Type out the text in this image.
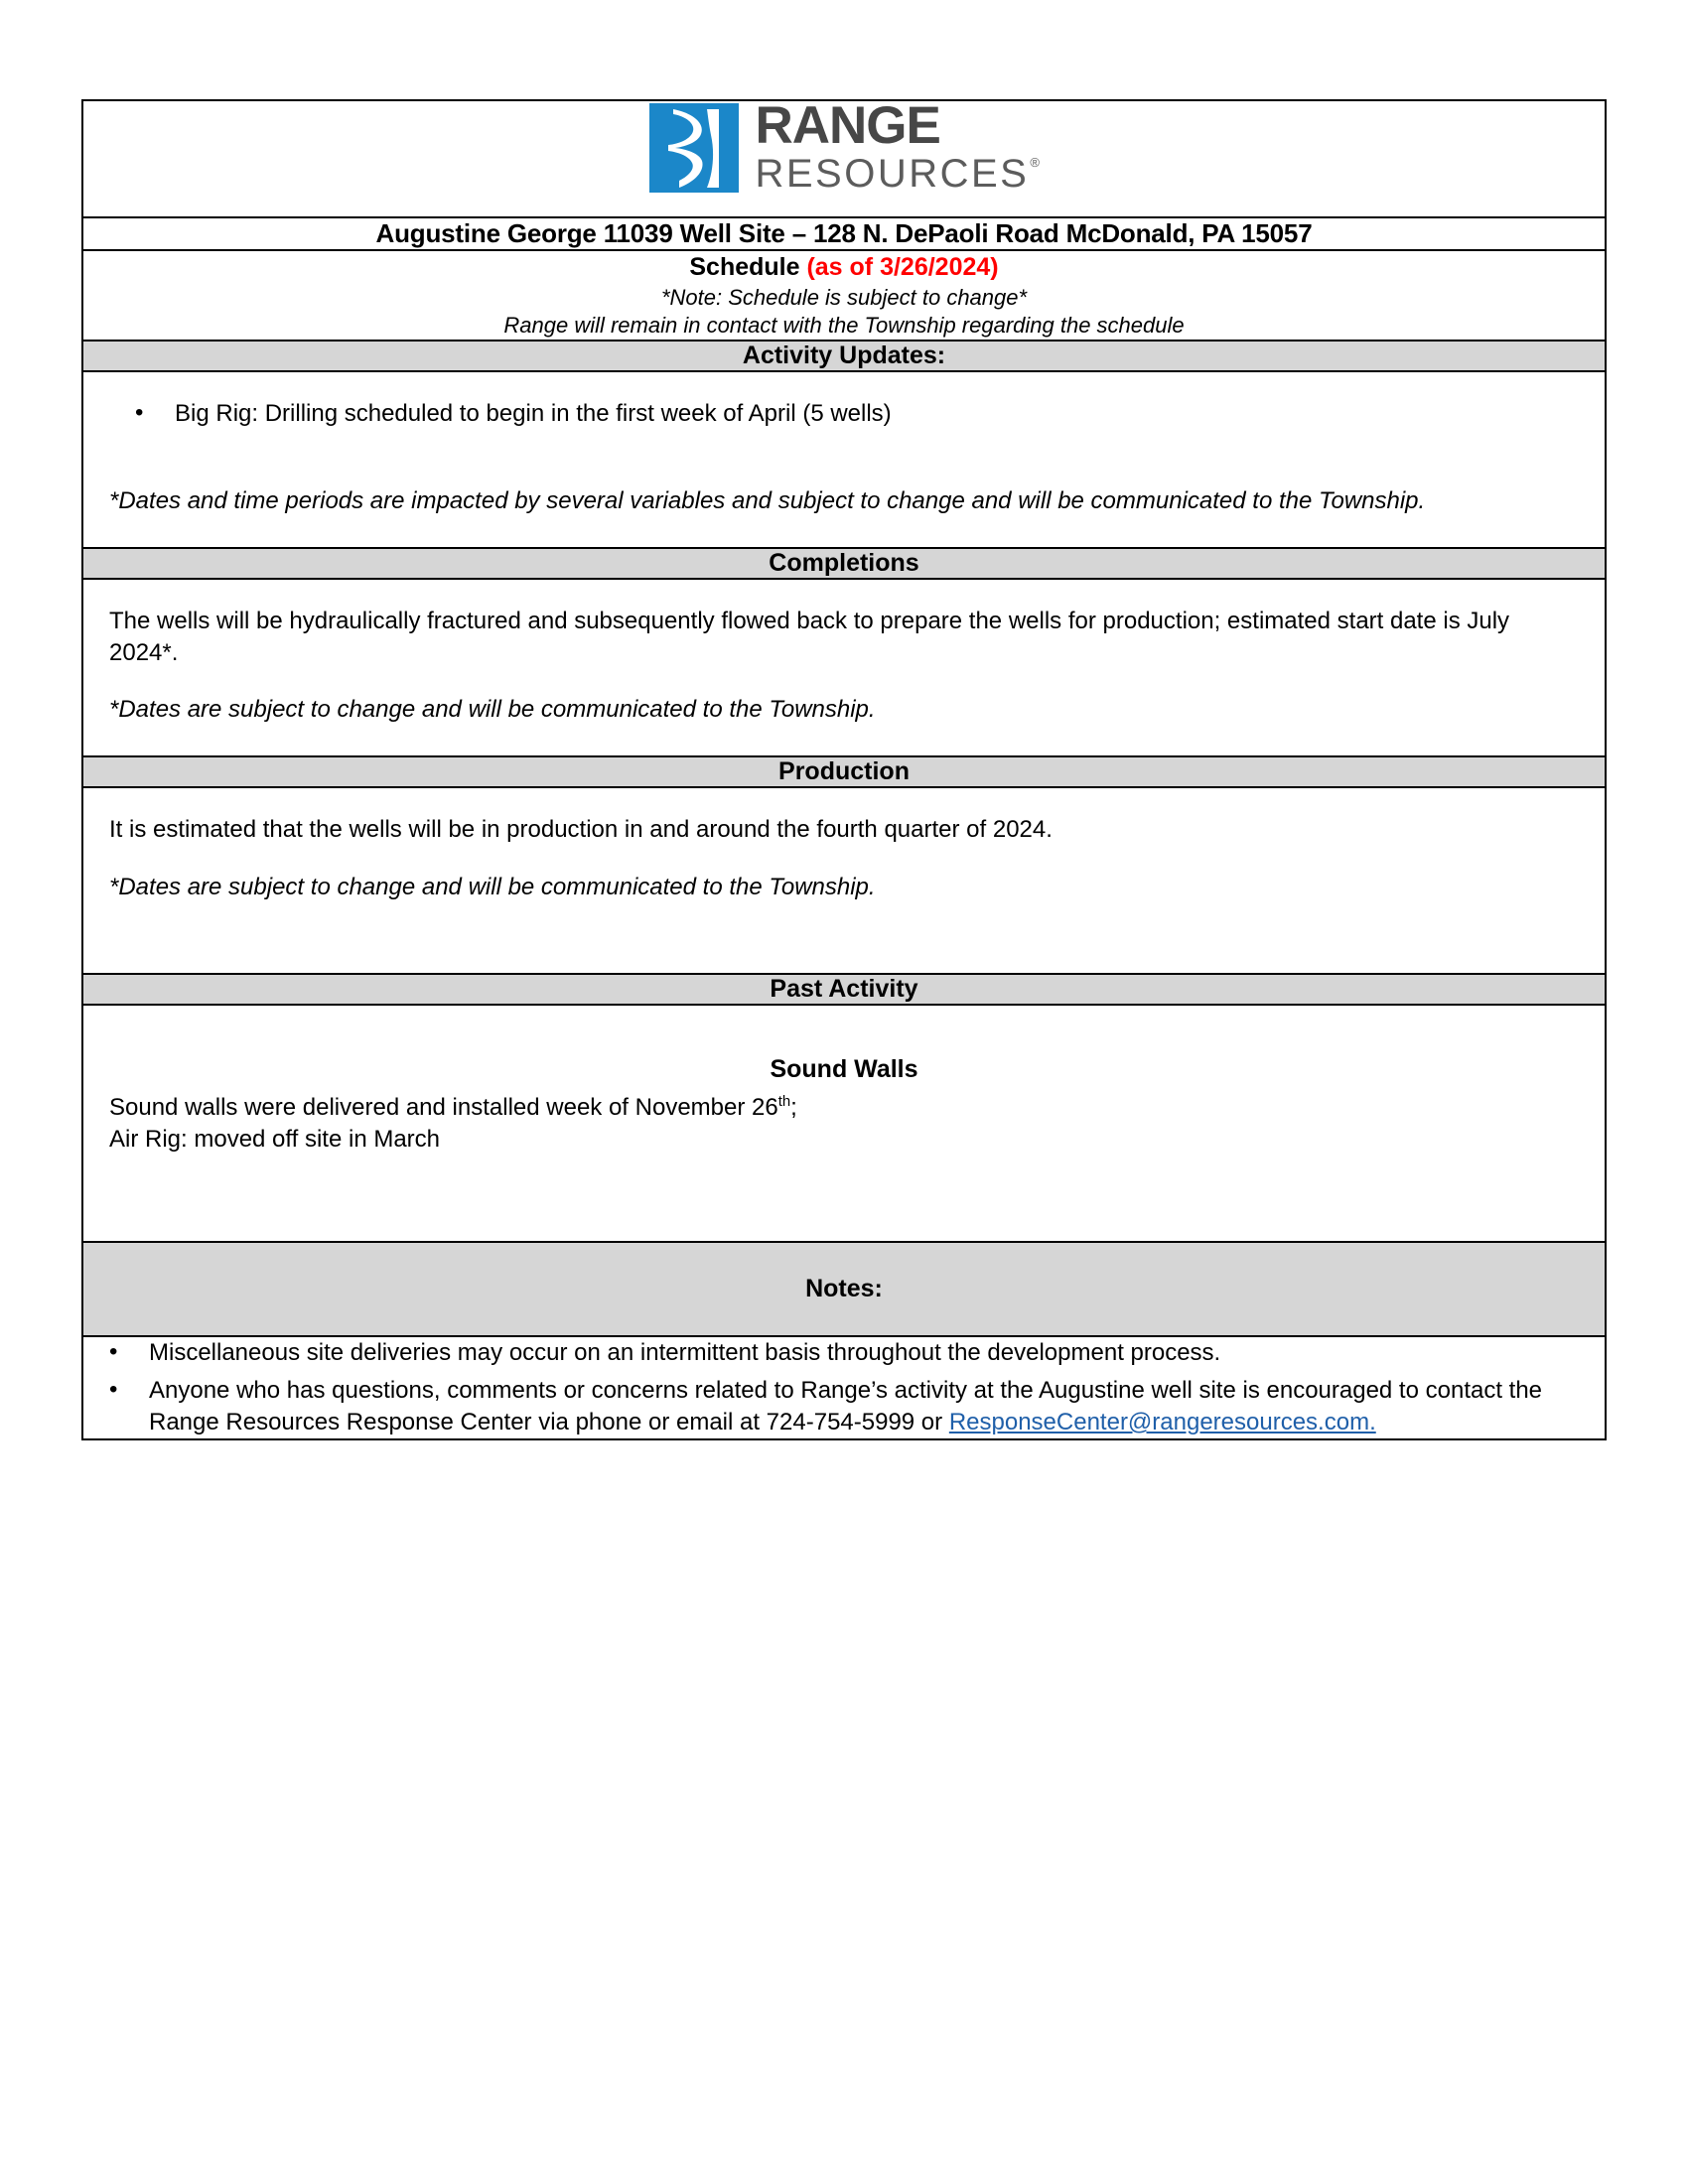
RANGE
RESOURCES®

Augustine George 11039 Well Site – 128 N. DePaoli Road McDonald, PA 15057

Schedule (as of 3/26/2024)
*Note: Schedule is subject to change*
Range will remain in contact with the Township regarding the schedule

Activity Updates:

• Big Rig: Drilling scheduled to begin in the first week of April (5 wells)

*Dates and time periods are impacted by several variables and subject to change and will be communicated to the Township.

Completions

The wells will be hydraulically fractured and subsequently flowed back to prepare the wells for production; estimated start date is July 2024*.

*Dates are subject to change and will be communicated to the Township.

Production

It is estimated that the wells will be in production in and around the fourth quarter of 2024.

*Dates are subject to change and will be communicated to the Township.

Past Activity

Sound Walls

Sound walls were delivered and installed week of November 26th;

Air Rig: moved off site in March

Notes:

• Miscellaneous site deliveries may occur on an intermittent basis throughout the development process.
• Anyone who has questions, comments or concerns related to Range’s activity at the Augustine well site is encouraged to contact the Range Resources Response Center via phone or email at 724-754-5999 or ResponseCenter@rangeresources.com.
